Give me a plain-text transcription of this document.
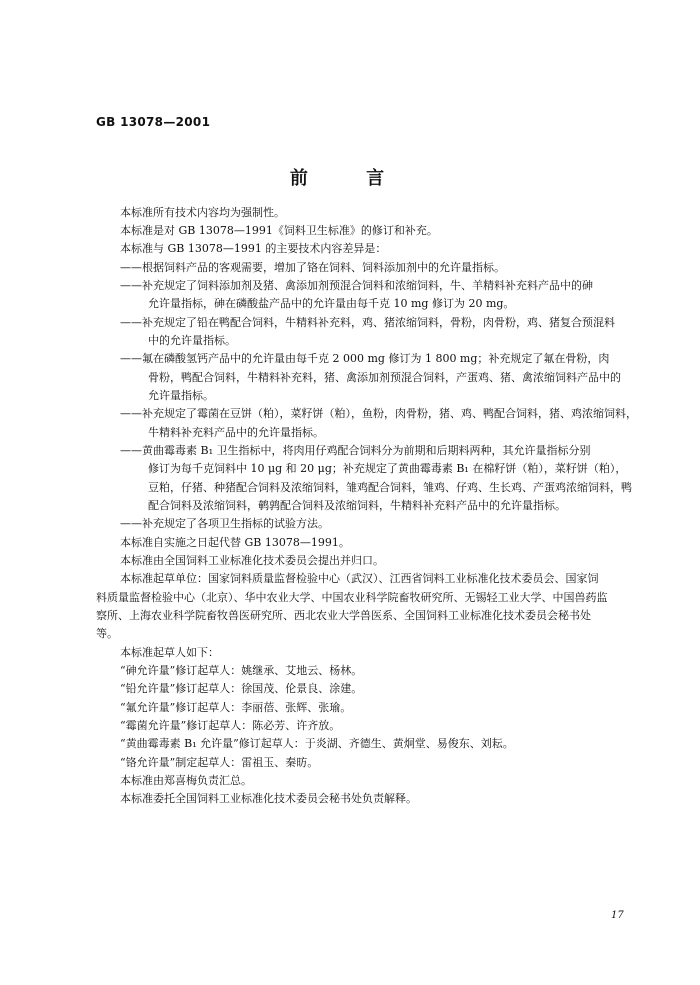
GB 13078—2001
前 言
本标准所有技术内容均为强制性。
本标准是对 GB 13078—1991《饲料卫生标准》的修订和补充。
本标准与 GB 13078—1991 的主要技术内容差异是：
——根据饲料产品的客观需要，增加了铬在饲料、饲料添加剂中的允许量指标。
——补充规定了饲料添加剂及猪、禽添加剂预混合饲料和浓缩饲料，牛、羊精料补充料产品中的砷
允许量指标，砷在磷酸盐产品中的允许量由每千克 10 mg 修订为 20 mg。
——补充规定了铅在鸭配合饲料，牛精料补充料，鸡、猪浓缩饲料，骨粉，肉骨粉，鸡、猪复合预混料
中的允许量指标。
——氟在磷酸氢钙产品中的允许量由每千克 2 000 mg 修订为 1 800 mg；补充规定了氟在骨粉，肉
骨粉，鸭配合饲料，牛精料补充料，猪、禽添加剂预混合饲料，产蛋鸡、猪、禽浓缩饲料产品中的
允许量指标。
——补充规定了霉菌在豆饼（粕），菜籽饼（粕），鱼粉，肉骨粉，猪、鸡、鸭配合饲料，猪、鸡浓缩饲料，
牛精料补充料产品中的允许量指标。
——黄曲霉毒素 B₁ 卫生指标中，将肉用仔鸡配合饲料分为前期和后期料两种，其允许量指标分别
修订为每千克饲料中 10 μg 和 20 μg；补充规定了黄曲霉毒素 B₁ 在棉籽饼（粕），菜籽饼（粕），
豆粕，仔猪、种猪配合饲料及浓缩饲料，雏鸡配合饲料，雏鸡、仔鸡、生长鸡、产蛋鸡浓缩饲料，鸭
配合饲料及浓缩饲料，鹌鹑配合饲料及浓缩饲料，牛精料补充料产品中的允许量指标。
——补充规定了各项卫生指标的试验方法。
本标准自实施之日起代替 GB 13078—1991。
本标准由全国饲料工业标准化技术委员会提出并归口。
本标准起草单位：国家饲料质量监督检验中心（武汉）、江西省饲料工业标准化技术委员会、国家饲
料质量监督检验中心（北京）、华中农业大学、中国农业科学院畜牧研究所、无锡轻工业大学、中国兽药监
察所、上海农业科学院畜牧兽医研究所、西北农业大学兽医系、全国饲料工业标准化技术委员会秘书处
等。
本标准起草人如下：
“砷允许量”修订起草人：姚继承、艾地云、杨林。
“铅允许量”修订起草人：徐国茂、伦景良、涂建。
“氟允许量”修订起草人：李丽蓓、张辉、张瑜。
“霉菌允许量”修订起草人：陈必芳、许齐放。
“黄曲霉毒素 B₁ 允许量”修订起草人：于炎湖、齐德生、黄炯堂、易俊东、刘耘。
“铬允许量”制定起草人：雷祖玉、秦昉。
本标准由郑喜梅负责汇总。
本标准委托全国饲料工业标准化技术委员会秘书处负责解释。
17
